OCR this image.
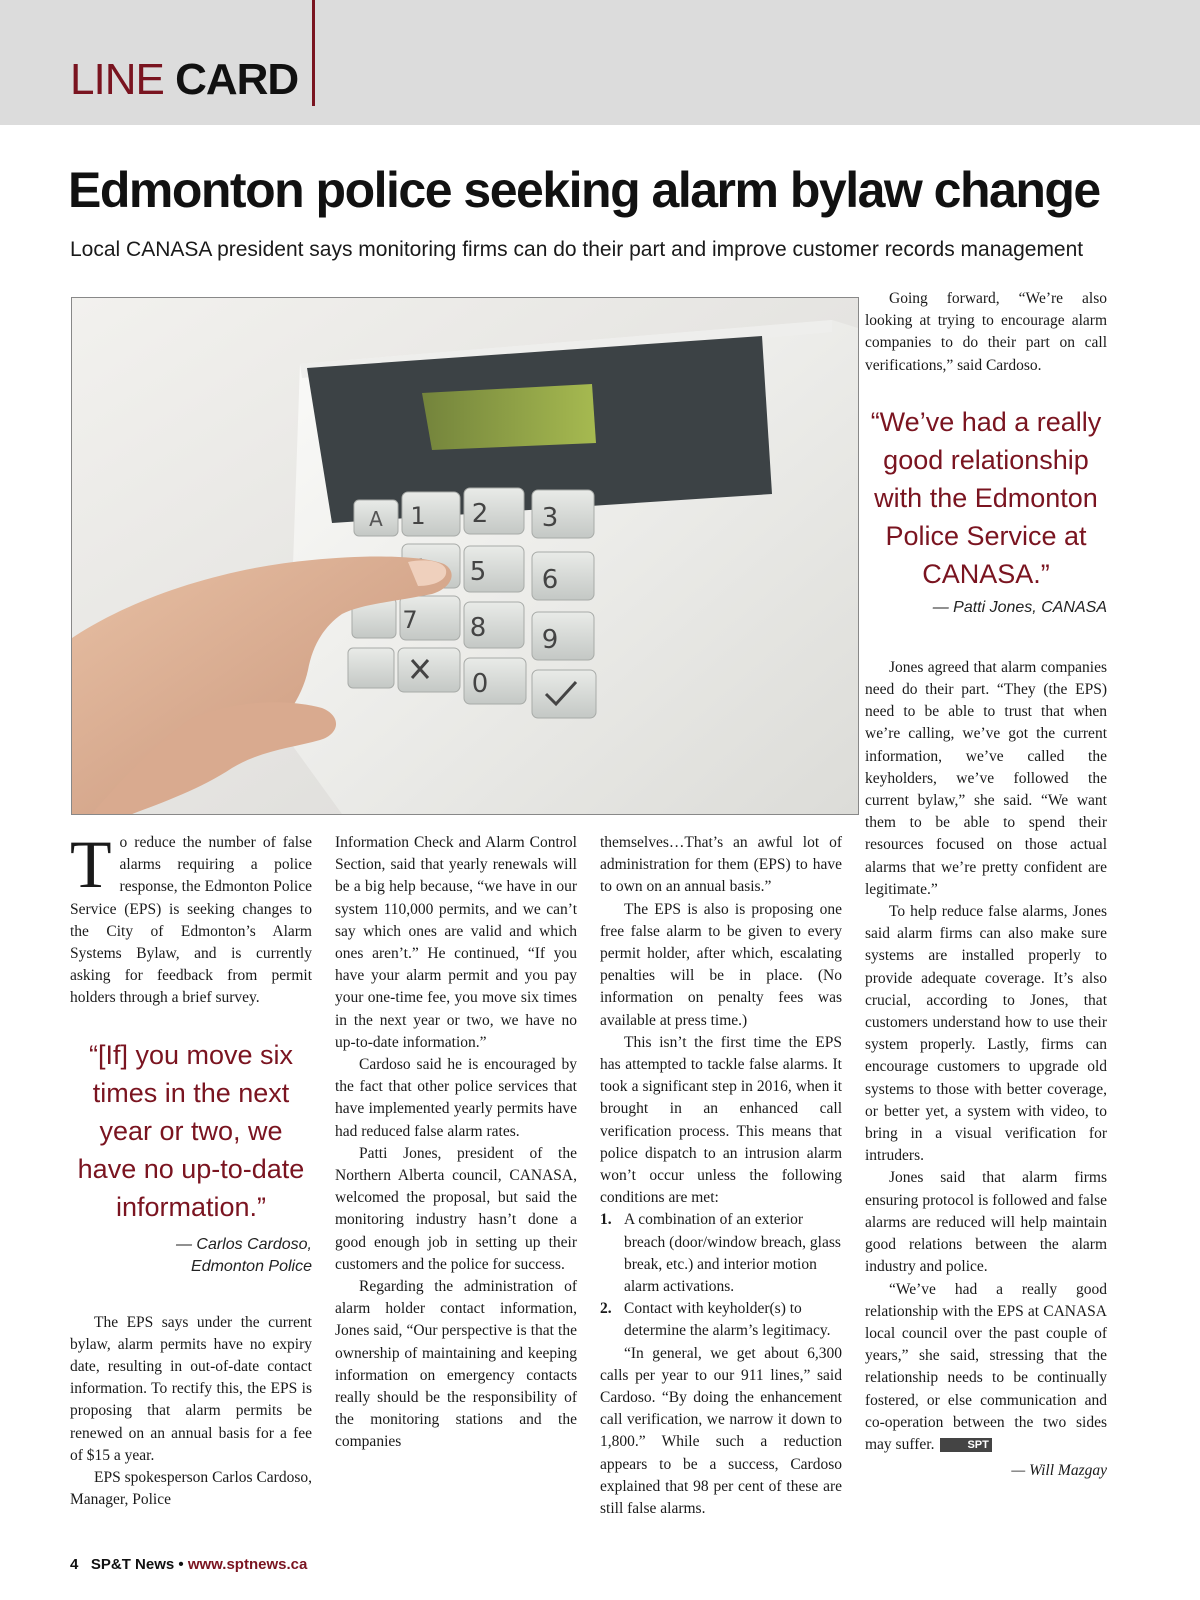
LINE CARD
Edmonton police seeking alarm bylaw change

Local CANASA president says monitoring firms can do their part and improve customer records management

A 1 2 3
5 6
7 8 9
0

To reduce the number of false alarms requiring a police response, the Edmonton Police Service (EPS) is seeking changes to the City of Edmonton’s Alarm Systems Bylaw, and is currently asking for feedback from permit holders through a brief survey.

“[If] you move six times in the next year or two, we have no up-to-date information.”
— Carlos Cardoso,
Edmonton Police

The EPS says under the current bylaw, alarm permits have no expiry date, resulting in out-of-date contact information. To rectify this, the EPS is proposing that alarm permits be renewed on an annual basis for a fee of $15 a year.

EPS spokesperson Carlos Cardoso, Manager, Police

Information Check and Alarm Control Section, said that yearly renewals will be a big help because, “we have in our system 110,000 permits, and we can’t say which ones are valid and which ones aren’t.” He continued, “If you have your alarm permit and you pay your one-time fee, you move six times in the next year or two, we have no up-to-date information.”

Cardoso said he is encouraged by the fact that other police services that have implemented yearly permits have had reduced false alarm rates.

Patti Jones, president of the Northern Alberta council, CANASA, welcomed the proposal, but said the monitoring industry hasn’t done a good enough job in setting up their customers and the police for success.

Regarding the administration of alarm holder contact information, Jones said, “Our perspective is that the ownership of maintaining and keeping information on emergency contacts really should be the responsibility of the monitoring stations and the companies

themselves…That’s an awful lot of administration for them (EPS) to have to own on an annual basis.”

The EPS is also is proposing one free false alarm to be given to every permit holder, after which, escalating penalties will be in place. (No information on penalty fees was available at press time.)

This isn’t the first time the EPS has attempted to tackle false alarms. It took a significant step in 2016, when it brought in an enhanced call verification process. This means that police dispatch to an intrusion alarm won’t occur unless the following conditions are met:

1. A combination of an exterior breach (door/window breach, glass break, etc.) and interior motion alarm activations.
2. Contact with keyholder(s) to determine the alarm’s legitimacy.

“In general, we get about 6,300 calls per year to our 911 lines,” said Cardoso. “By doing the enhancement call verification, we narrow it down to 1,800.” While such a reduction appears to be a success, Cardoso explained that 98 per cent of these are still false alarms.

Going forward, “We’re also looking at trying to encourage alarm companies to do their part on call verifications,” said Cardoso.

“We’ve had a really good relationship with the Edmonton Police Service at CANASA.”
— Patti Jones, CANASA

Jones agreed that alarm companies need do their part. “They (the EPS) need to be able to trust that when we’re calling, we’ve got the current information, we’ve called the keyholders, we’ve followed the current bylaw,” she said. “We want them to be able to spend their resources focused on those actual alarms that we’re pretty confident are legitimate.”

To help reduce false alarms, Jones said alarm firms can also make sure systems are installed properly to provide adequate coverage. It’s also crucial, according to Jones, that customers understand how to use their system properly. Lastly, firms can encourage customers to upgrade old systems to those with better coverage, or better yet, a system with video, to bring in a visual verification for intruders.

Jones said that alarm firms ensuring protocol is followed and false alarms are reduced will help maintain good relations between the alarm industry and police.

“We’ve had a really good relationship with the EPS at CANASA local council over the past couple of years,” she said, stressing that the relationship needs to be continually fostered, or else communication and co-operation between the two sides may suffer.	SPT

— Will Mazgay
4 SP&T News • www.sptnews.ca
